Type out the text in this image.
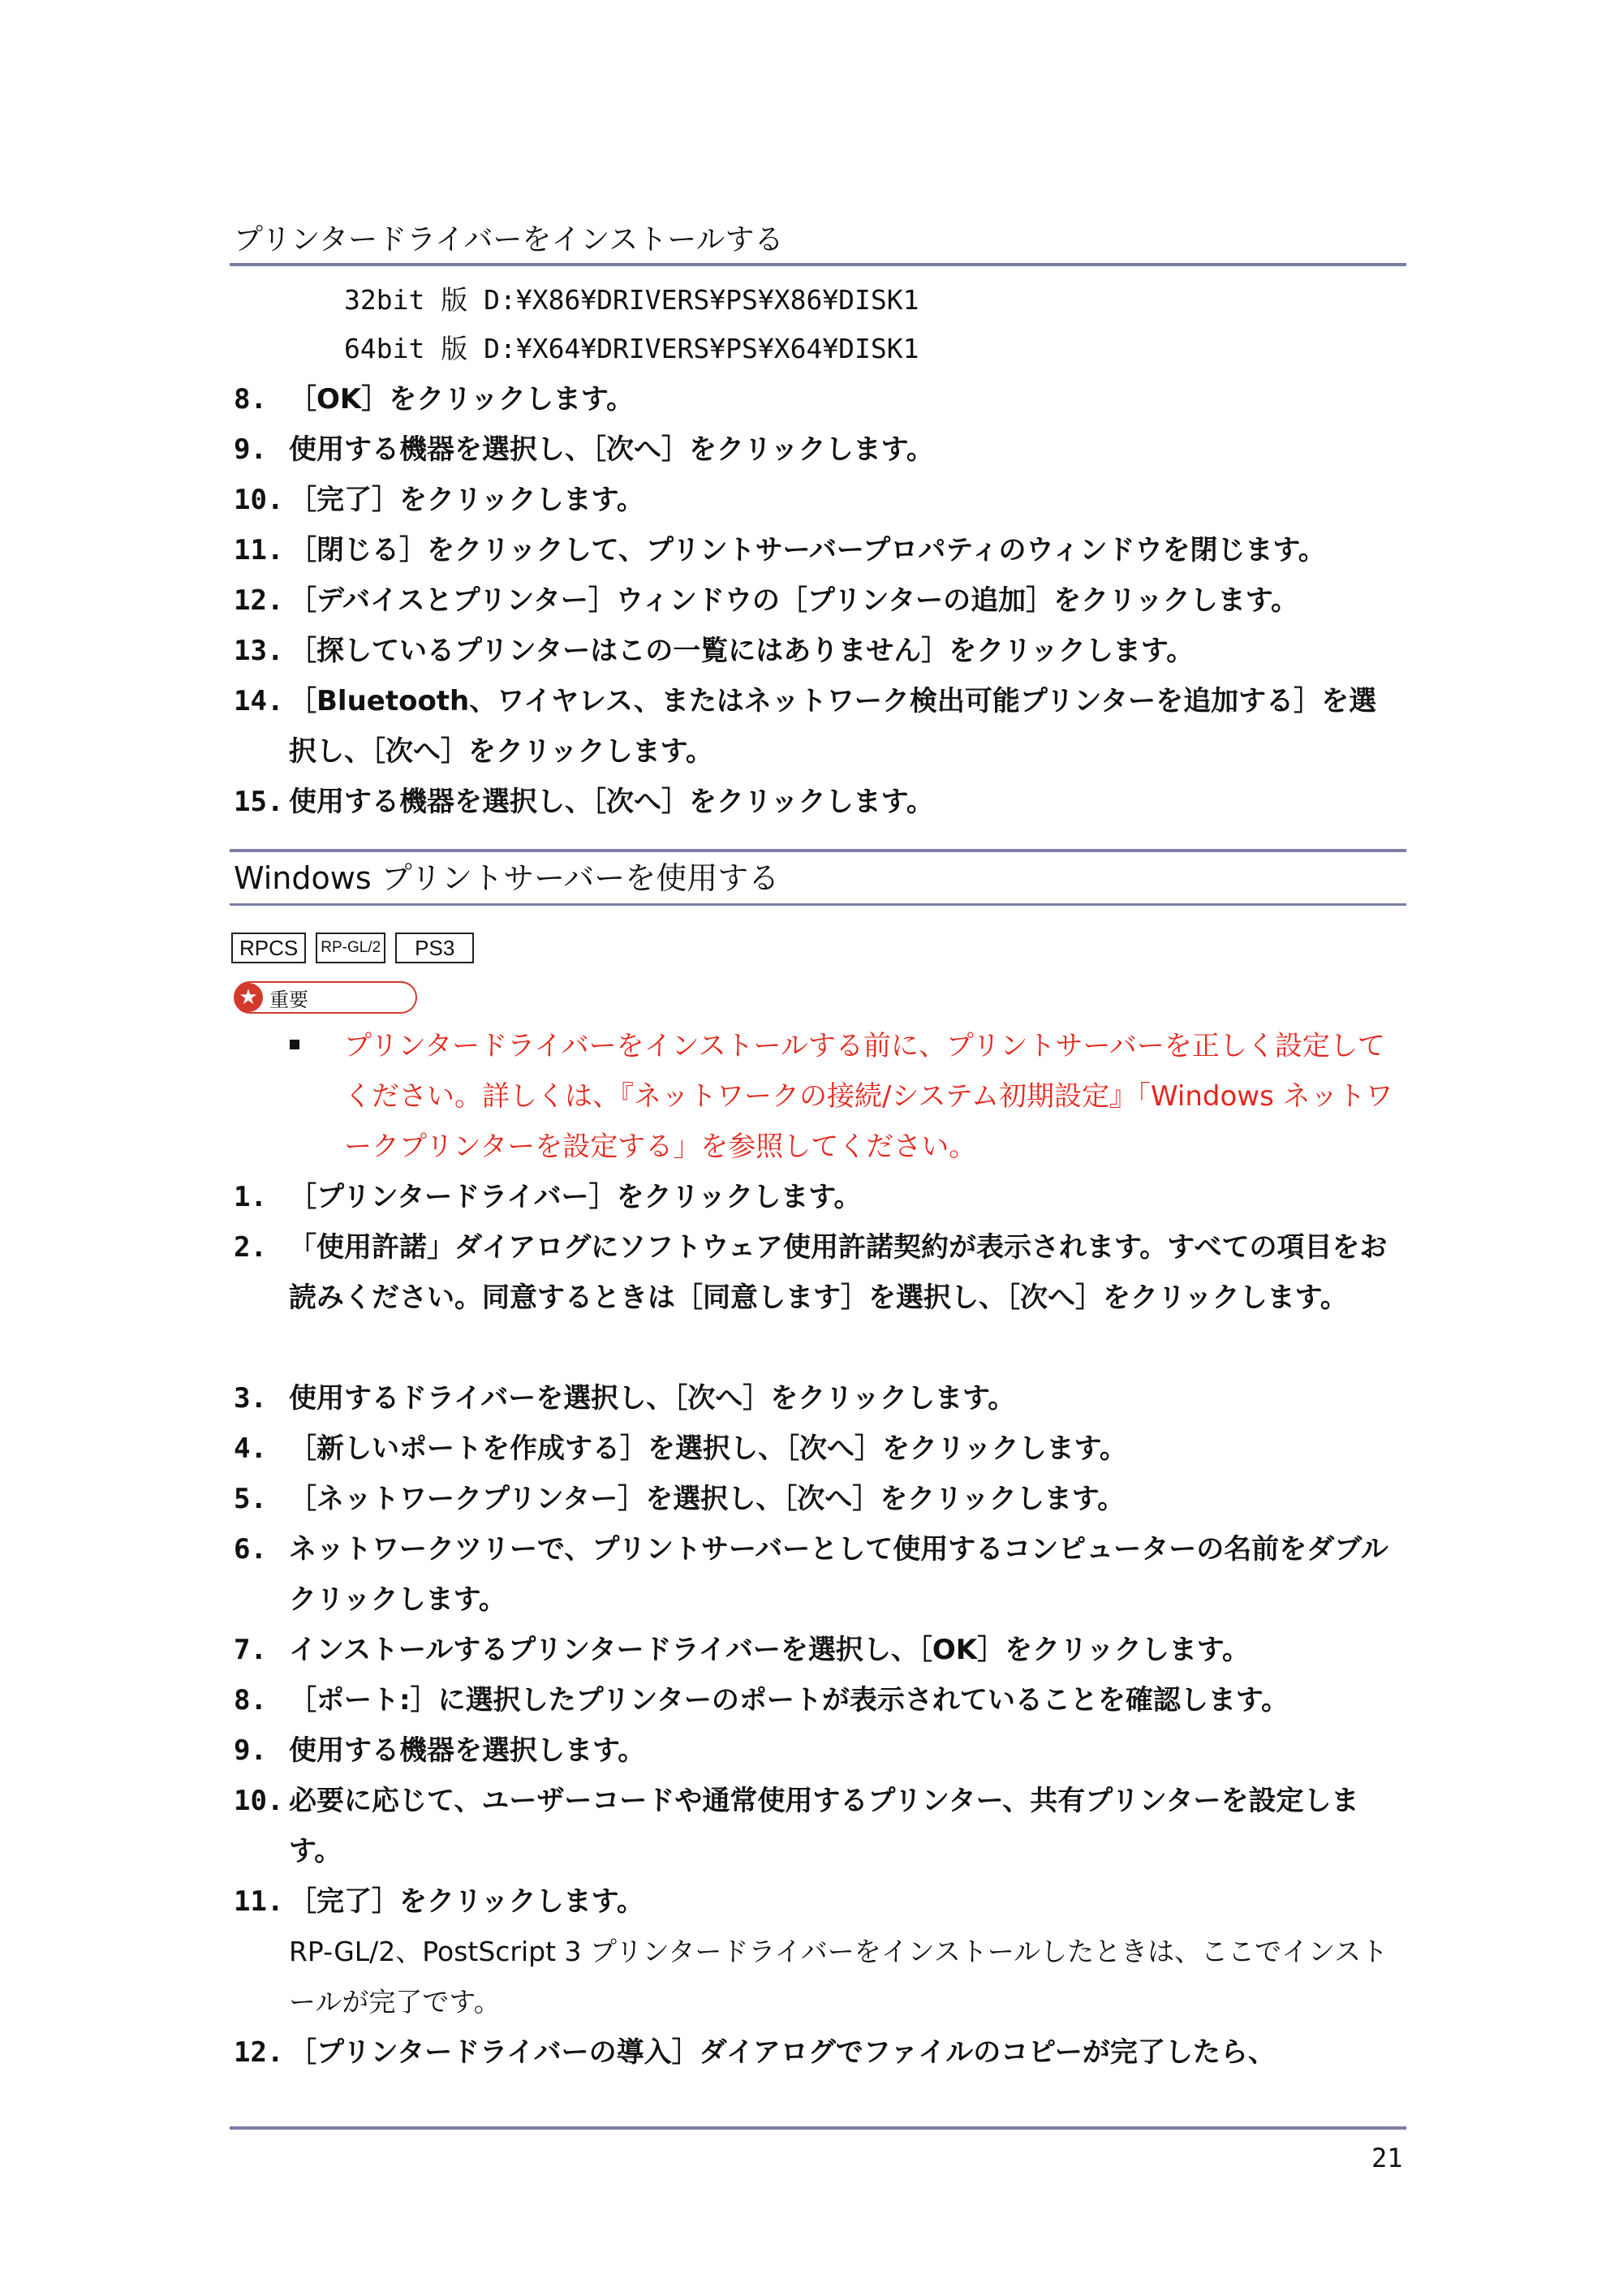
プリンタードライバーをインストールする
32bit 版 D:¥X86¥DRIVERS¥PS¥X86¥DISK1
64bit 版 D:¥X64¥DRIVERS¥PS¥X64¥DISK1
8. ［OK］をクリックします。
9. 使用する機器を選択し、［次へ］をクリックします。
10. ［完了］をクリックします。
11. ［閉じる］をクリックして、プリントサーバープロパティのウィンドウを閉じます。
12. ［デバイスとプリンター］ウィンドウの［プリンターの追加］をクリックします。
13. ［探しているプリンターはこの一覧にはありません］をクリックします。
14. ［Bluetooth、ワイヤレス、またはネットワーク検出可能プリンターを追加する］を選択し、［次へ］をクリックします。
15. 使用する機器を選択し、［次へ］をクリックします。
Windows プリントサーバーを使用する
RPCS	RP-GL/2	PS3
★ 重要
プリンタードライバーをインストールする前に、プリントサーバーを正しく設定してください。詳しくは、『ネットワークの接続/システム初期設定』「Windows ネットワークプリンターを設定する」を参照してください。
1. ［プリンタードライバー］をクリックします。
2. 「使用許諾」ダイアログにソフトウェア使用許諾契約が表示されます。すべての項目をお読みください。同意するときは［同意します］を選択し、［次へ］をクリックします。
3. 使用するドライバーを選択し、［次へ］をクリックします。
4. ［新しいポートを作成する］を選択し、［次へ］をクリックします。
5. ［ネットワークプリンター］を選択し、［次へ］をクリックします。
6. ネットワークツリーで、プリントサーバーとして使用するコンピューターの名前をダブルクリックします。
7. インストールするプリンタードライバーを選択し、［OK］をクリックします。
8. ［ポート:］に選択したプリンターのポートが表示されていることを確認します。
9. 使用する機器を選択します。
10. 必要に応じて、ユーザーコードや通常使用するプリンター、共有プリンターを設定します。
11. ［完了］をクリックします。
RP-GL/2、PostScript 3 プリンタードライバーをインストールしたときは、ここでインストールが完了です。
12. ［プリンタードライバーの導入］ダイアログでファイルのコピーが完了したら、
21
